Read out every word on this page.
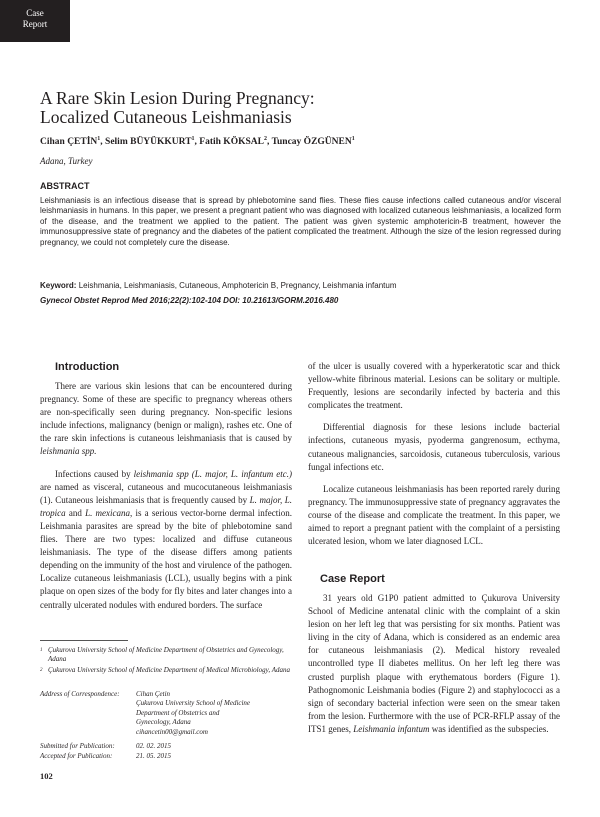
Case
Report
A Rare Skin Lesion During Pregnancy:
Localized Cutaneous Leishmaniasis
Cihan ÇETİN$^1$, Selim BÜYÜKKURT$^1$, Fatih KÖKSAL$^2$, Tuncay ÖZGÜNEN$^1$
Adana, Turkey
ABSTRACT
Leishmaniasis is an infectious disease that is spread by phlebotomine sand flies. These flies cause infections called cutaneous and/or visceral leishmaniasis in humans. In this paper, we present a pregnant patient who was diagnosed with localized cutaneous leishmaniasis, a localized form of the disease, and the treatment we applied to the patient. The patient was given systemic amphotericin-B treatment, however the immunosuppressive state of pregnancy and the diabetes of the patient complicated the treatment. Although the size of the lesion regressed during pregnancy, we could not completely cure the disease.
Keyword: Leishmania, Leishmaniasis, Cutaneous, Amphotericin B, Pregnancy, Leishmania infantum
Gynecol Obstet Reprod Med 2016;22(2):102-104 DOI: 10.21613/GORM.2016.480
Introduction

There are various skin lesions that can be encountered during pregnancy. Some of these are specific to pregnancy whereas others are non-specifically seen during pregnancy. Non-specific lesions include infections, malignancy (benign or malign), rashes etc. One of the rare skin infections is cutaneous leishmaniasis that is caused by leishmania spp.

Infections caused by leishmania spp (L. major, L. infantum etc.) are named as visceral, cutaneous and mucocutaneous leishmaniasis (1). Cutaneous leishmaniasis that is frequently caused by L. major, L. tropica and L. mexicana, is a serious vector-borne dermal infection. Leishmania parasites are spread by the bite of phlebotomine sand flies. There are two types: localized and diffuse cutaneous leishmaniasis. The type of the disease differs among patients depending on the immunity of the host and virulence of the pathogen. Localize cutaneous leishmaniasis (LCL), usually begins with a pink plaque on open sizes of the body for fly bites and later changes into a centrally ulcerated nodules with endured borders. The surface

1 Çukurova University School of Medicine Department of Obstetrics and Gynecology, Adana
2 Çukurova University School of Medicine Department of Medical Microbiology, Adana
Address of Correspondence: Cihan Çetin
Çukurova University School of Medicine
Department of Obstetrics and
Gynecology, Adana
cihancetin00@gmail.com
Submitted for Publication:	02. 02. 2015
Accepted for Publication:	21. 05. 2015
102

of the ulcer is usually covered with a hyperkeratotic scar and thick yellow-white fibrinous material. Lesions can be solitary or multiple. Frequently, lesions are secondarily infected by bacteria and this complicates the treatment.

Differential diagnosis for these lesions include bacterial infections, cutaneous myasis, pyoderma gangrenosum, ecthyma, cutaneous malignancies, sarcoidosis, cutaneous tuberculosis, various fungal infections etc.

Localize cutaneous leishmaniasis has been reported rarely during pregnancy. The immunosuppressive state of pregnancy aggravates the course of the disease and complicate the treatment. In this paper, we aimed to report a pregnant patient with the complaint of a persisting ulcerated lesion, whom we later diagnosed LCL.

Case Report

31 years old G1P0 patient admitted to Çukurova University School of Medicine antenatal clinic with the complaint of a skin lesion on her left leg that was persisting for six months. Patient was living in the city of Adana, which is considered as an endemic area for cutaneous leishmaniasis (2). Medical history revealed uncontrolled type II diabetes mellitus. On her left leg there was crusted purplish plaque with erythematous borders (Figure 1). Pathognomonic Leishmania bodies (Figure 2) and staphylococci as a sign of secondary bacterial infection were seen on the smear taken from the lesion. Furthermore with the use of PCR-RFLP assay of the ITS1 genes, Leishmania infantum was identified as the subspecies.
